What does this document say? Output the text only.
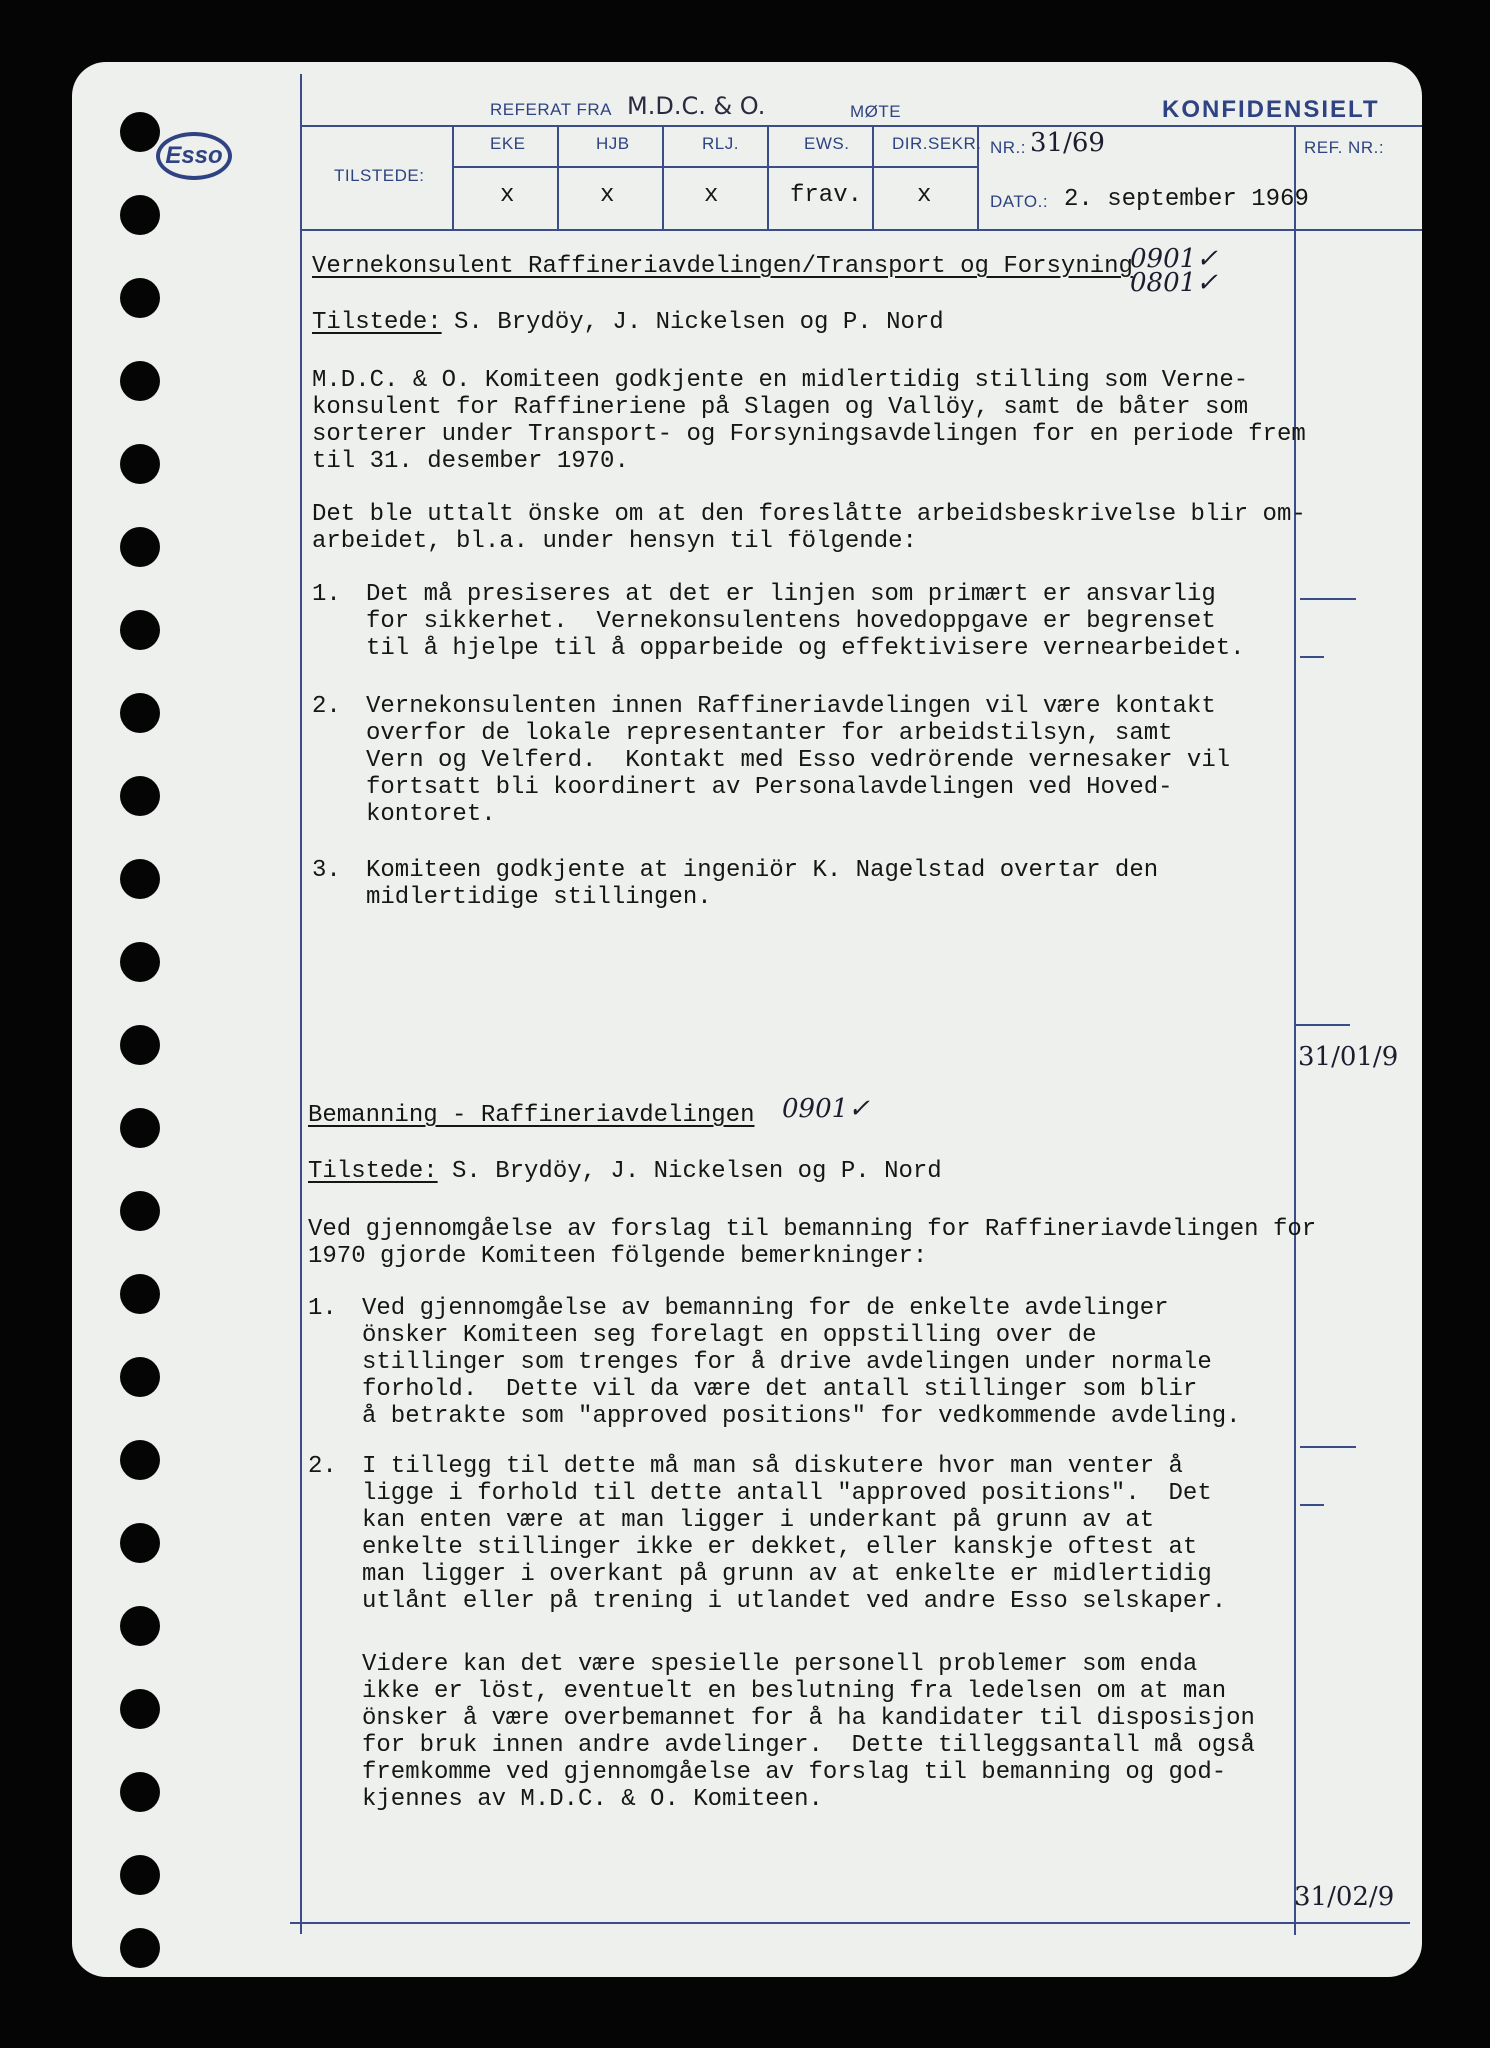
Esso
REFERAT FRA M.D.C. & O.	MØTE	KONFIDENSIELT
TILSTEDE:
EKE	HJB	RLJ.	EWS.	DIR.SEKR.
x	x	x	frav. x
NR.: 31/69
DATO.: 2. september 1969
REF. NR.:
Vernekonsulent Raffineriavdelingen/Transport og Forsyning
0901✓
0801✓
Tilstede: S. Brydöy, J. Nickelsen og P. Nord
M.D.C. & O. Komiteen godkjente en midlertidig stilling som Verne-
konsulent for Raffineriene på Slagen og Vallöy, samt de båter som
sorterer under Transport- og Forsyningsavdelingen for en periode frem
til 31. desember 1970.
Det ble uttalt önske om at den foreslåtte arbeidsbeskrivelse blir om-
arbeidet, bl.a. under hensyn til fölgende:
1. Det må presiseres at det er linjen som primært er ansvarlig
for sikkerhet.  Vernekonsulentens hovedoppgave er begrenset
til å hjelpe til å opparbeide og effektivisere vernearbeidet.
2. Vernekonsulenten innen Raffineriavdelingen vil være kontakt
overfor de lokale representanter for arbeidstilsyn, samt
Vern og Velferd.  Kontakt med Esso vedrörende vernesaker vil
fortsatt bli koordinert av Personalavdelingen ved Hoved-
kontoret.
3. Komiteen godkjente at ingeniör K. Nagelstad overtar den
midlertidige stillingen.
31/01/9
Bemanning - Raffineriavdelingen 0901✓
Tilstede: S. Brydöy, J. Nickelsen og P. Nord
Ved gjennomgåelse av forslag til bemanning for Raffineriavdelingen for
1970 gjorde Komiteen fölgende bemerkninger:
1. Ved gjennomgåelse av bemanning for de enkelte avdelinger
önsker Komiteen seg forelagt en oppstilling over de
stillinger som trenges for å drive avdelingen under normale
forhold.  Dette vil da være det antall stillinger som blir
å betrakte som "approved positions" for vedkommende avdeling.
2. I tillegg til dette må man så diskutere hvor man venter å
ligge i forhold til dette antall "approved positions".  Det
kan enten være at man ligger i underkant på grunn av at
enkelte stillinger ikke er dekket, eller kanskje oftest at
man ligger i overkant på grunn av at enkelte er midlertidig
utlånt eller på trening i utlandet ved andre Esso selskaper.
Videre kan det være spesielle personell problemer som enda
ikke er löst, eventuelt en beslutning fra ledelsen om at man
önsker å være overbemannet for å ha kandidater til disposisjon
for bruk innen andre avdelinger.  Dette tilleggsantall må også
fremkomme ved gjennomgåelse av forslag til bemanning og god-
kjennes av M.D.C. & O. Komiteen.
31/02/9
